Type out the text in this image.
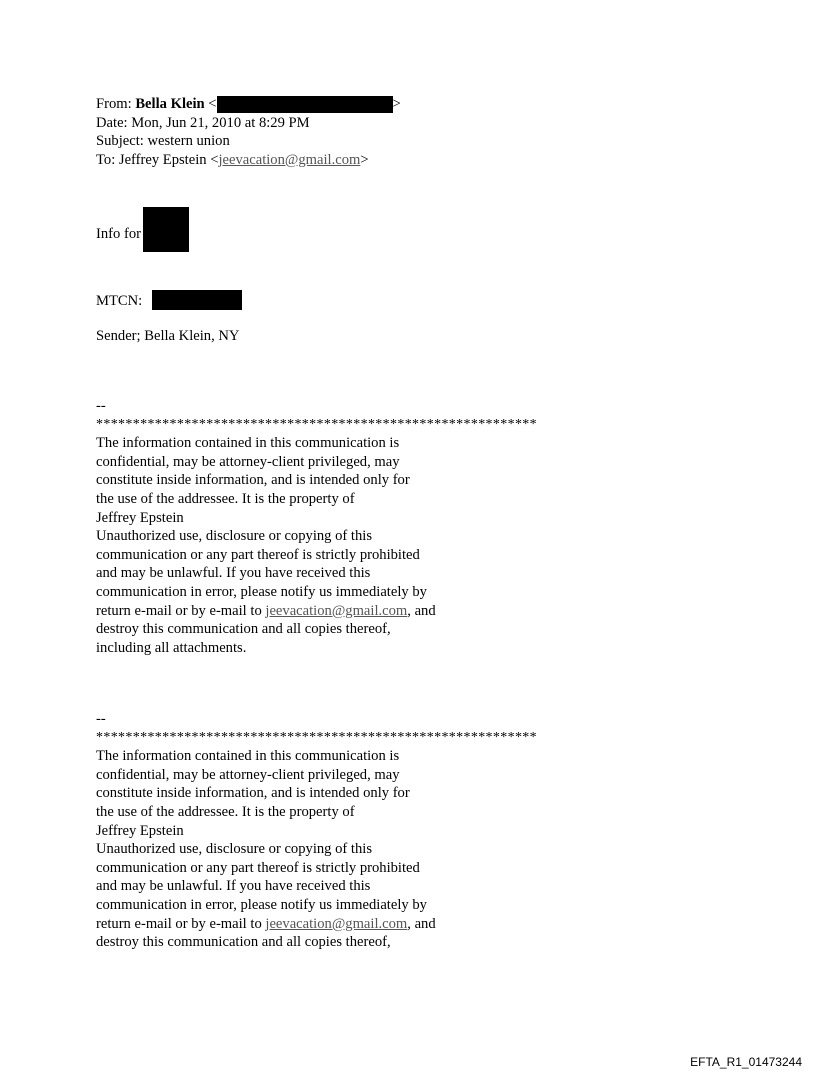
From: Bella Klein <	>
Date: Mon, Jun 21, 2010 at 8:29 PM
Subject: western union
To: Jeffrey Epstein <jeevacation@gmail.com>
Info for
MTCN:
Sender; Bella Klein, NY
--
************************************************************
The information contained in this communication is
confidential, may be attorney-client privileged, may
constitute inside information, and is intended only for
the use of the addressee. It is the property of
Jeffrey Epstein
Unauthorized use, disclosure or copying of this
communication or any part thereof is strictly prohibited
and may be unlawful. If you have received this
communication in error, please notify us immediately by
return e-mail or by e-mail to jeevacation@gmail.com, and
destroy this communication and all copies thereof,
including all attachments.
--
************************************************************
The information contained in this communication is
confidential, may be attorney-client privileged, may
constitute inside information, and is intended only for
the use of the addressee. It is the property of
Jeffrey Epstein
Unauthorized use, disclosure or copying of this
communication or any part thereof is strictly prohibited
and may be unlawful. If you have received this
communication in error, please notify us immediately by
return e-mail or by e-mail to jeevacation@gmail.com, and
destroy this communication and all copies thereof,
EFTA_R1_01473244
